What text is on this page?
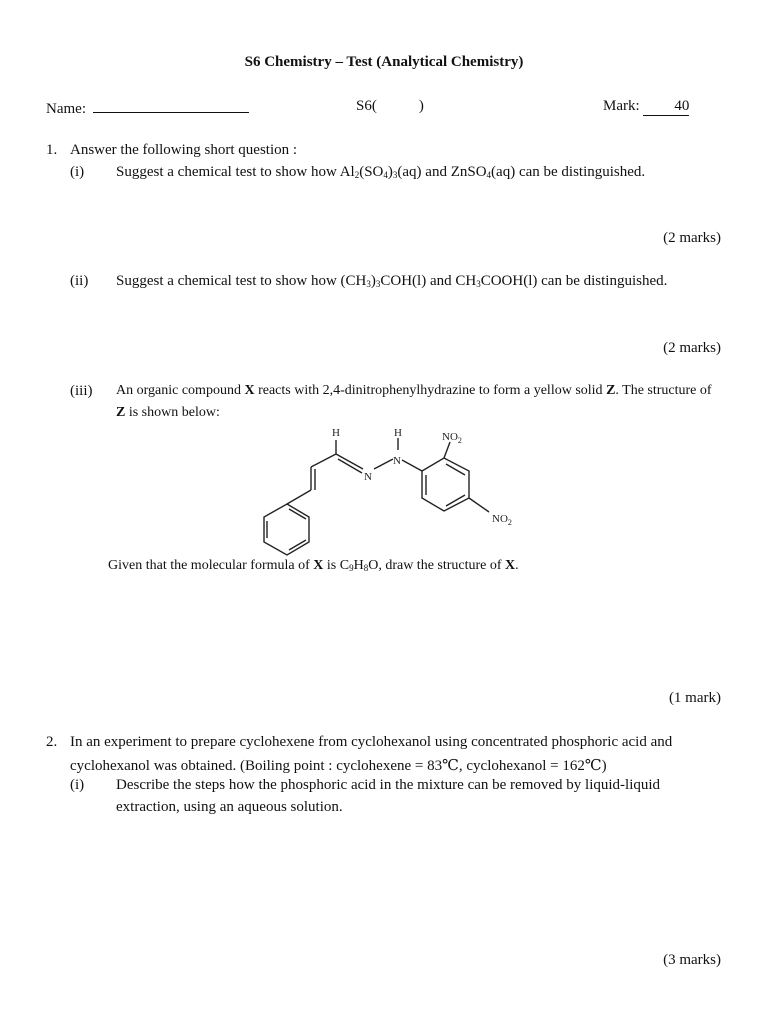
S6 Chemistry – Test (Analytical Chemistry)
Name:	S6(	)	Mark: 40
1. Answer the following short question :
(i) Suggest a chemical test to show how $Al_2(SO_4)_3(aq)$ and ZnSO$_4$(aq) can be distinguished.
(2 marks)
(ii) Suggest a chemical test to show how $(CH_3)_3COH(l)$ and $CH_3COOH(l)$ can be distinguished.
(2 marks)
(iii) An organic compound X reacts with 2,4-dinitrophenylhydrazine to form a yellow solid Z. The structure of
Z is shown below:
H	H
N
N
$NO_2$
$NO_2$
Given that the molecular formula of X is $C_9H_8O$, draw the structure of X.
(1 mark)
2. In an experiment to prepare cyclohexene from cyclohexanol using concentrated phosphoric acid and
cyclohexanol was obtained. (Boiling point : cyclohexene = 83℃, cyclohexanol = 162℃)
(i) Describe the steps how the phosphoric acid in the mixture can be removed by liquid-liquid
extraction, using an aqueous solution.
(3 marks)
